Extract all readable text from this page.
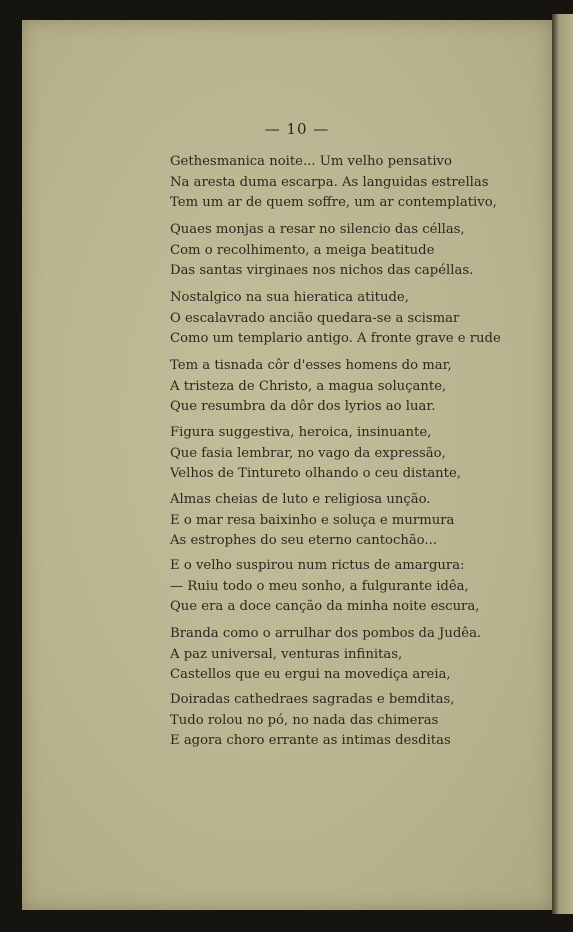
— 10 —
Gethesmanica noite... Um velho pensativo
Na aresta duma escarpa. As languidas estrellas
Tem um ar de quem soffre, um ar contemplativo,
Quaes monjas a resar no silencio das céllas,
Com o recolhimento, a meiga beatitude
Das santas virginaes nos nichos das capéllas.
Nostalgico na sua hieratica atitude,
O escalavrado ancião quedara-se a scismar
Como um templario antigo. A fronte grave e rude
Tem a tisnada côr d'esses homens do mar,
A tristeza de Christo, a magua soluçante,
Que resumbra da dôr dos lyrios ao luar.
Figura suggestiva, heroica, insinuante,
Que fasia lembrar, no vago da expressão,
Velhos de Tintureto olhando o ceu distante,
Almas cheias de luto e religiosa unção.
E o mar resa baixinho e soluça e murmura
As estrophes do seu eterno cantochão...
E o velho suspirou num rictus de amargura:
— Ruiu todo o meu sonho, a fulgurante idêa,
Que era a doce canção da minha noite escura,
Branda como o arrulhar dos pombos da Judêa.
A paz universal, venturas infinitas,
Castellos que eu ergui na movediça areia,
Doiradas cathedraes sagradas e bemditas,
Tudo rolou no pó, no nada das chimeras
E agora choro errante as intimas desditas
